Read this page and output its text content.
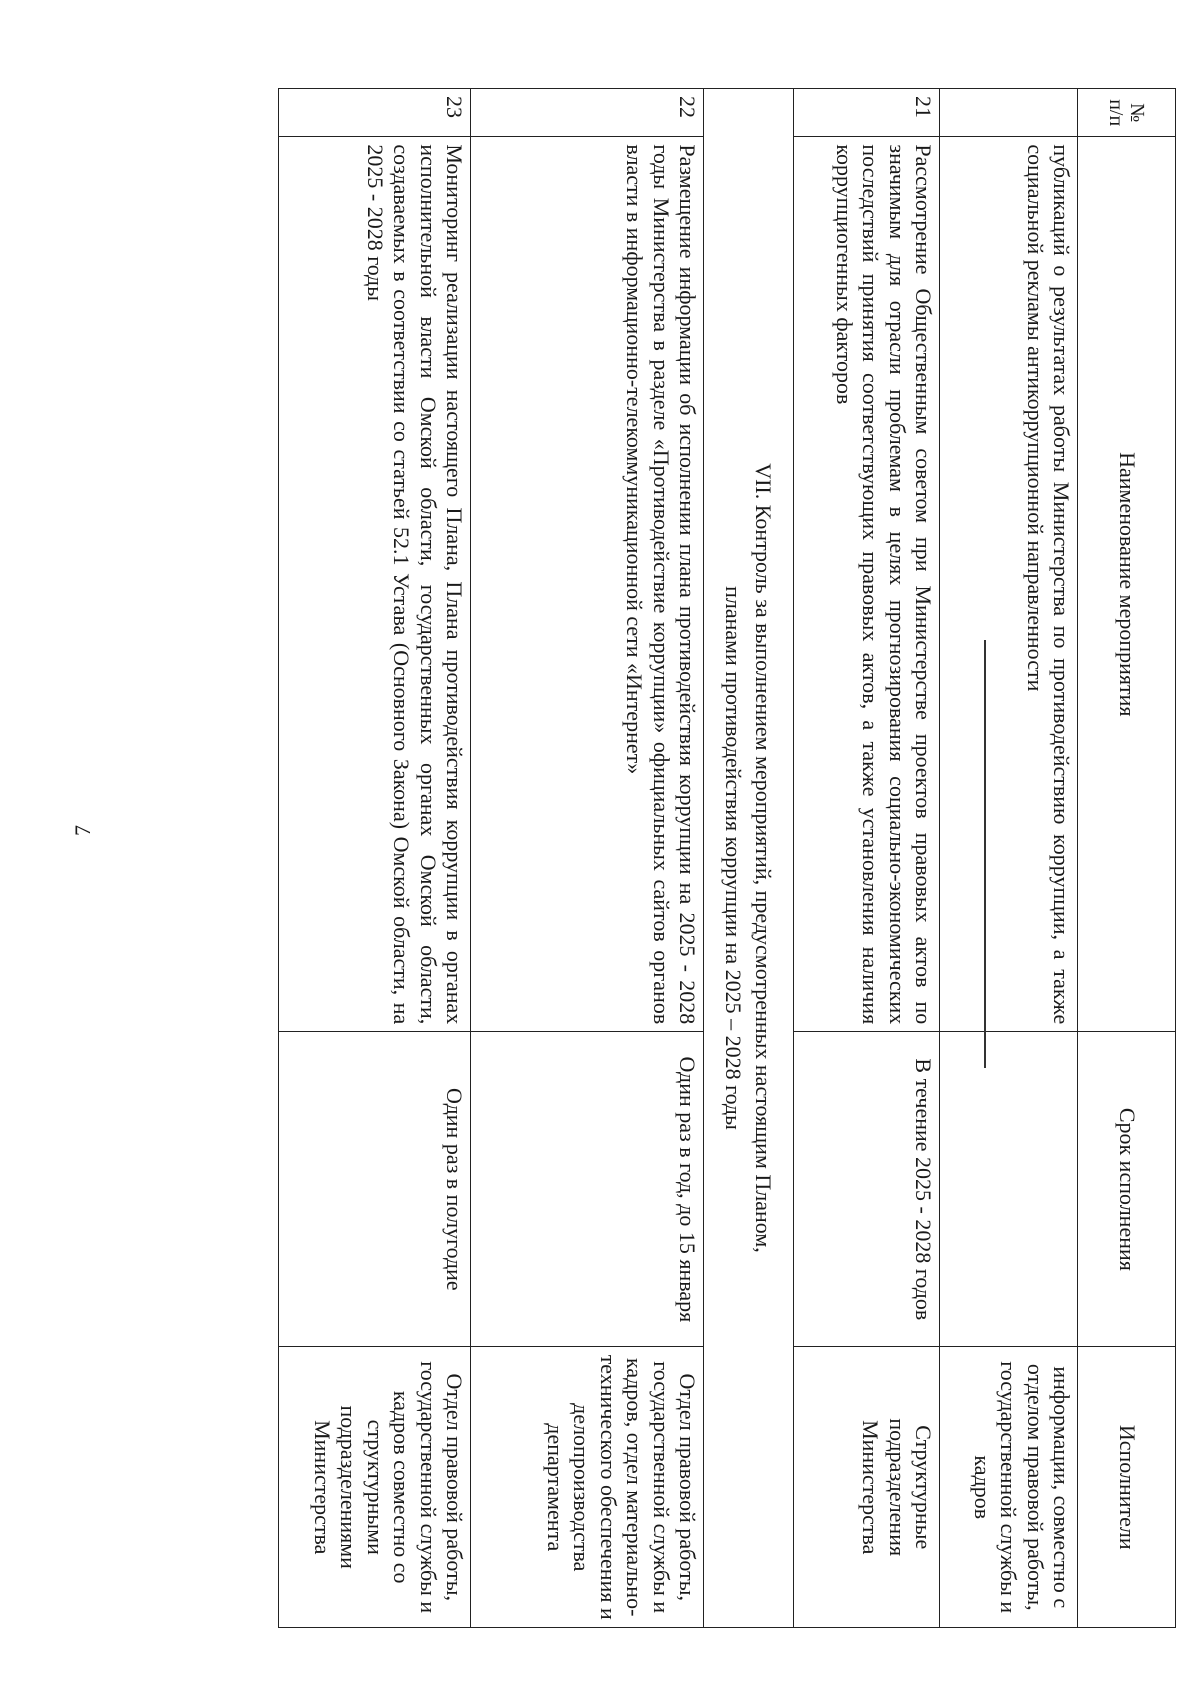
7
№ п/п	Наименование мероприятия	Срок исполнения	Исполнители
	публикаций о результатах работы Министерства по противодействию коррупции, а также социальной рекламы антикоррупционной направленности		информации, совместно с отделом правовой работы, государственной службы и кадров
21	Рассмотрение Общественным советом при Министерстве проектов правовых актов по значимым для отрасли проблемам в целях прогнозирования социально-экономических последствий принятия соответствующих правовых актов, а также установления наличия коррупциогенных факторов	В течение 2025 - 2028 годов	Структурные подразделения Министерства

VII. Контроль за выполнением мероприятий, предусмотренных настоящим Планом,
планами противодействия коррупции на 2025 – 2028 годы			

22	Размещение информации об исполнении плана противодействия коррупции на 2025 - 2028 годы Министерства в разделе «Противодействие коррупции» официальных сайтов органов власти в информационно-телекоммуникационной сети «Интернет»	Один раз в год, до 15 января	Отдел правовой работы, государственной службы и кадров, отдел материально-технического обеспечения и делопроизводства департамента
23	Мониторинг реализации настоящего Плана, Плана противодействия коррупции в органах исполнительной власти Омской области, государственных органах Омской области, создаваемых в соответствии со статьей 52.1 Устава (Основного Закона) Омской области, на 2025 - 2028 годы	Один раз в полугодие	Отдел правовой работы, государственной службы и кадров совместно со структурными подразделениями Министерства
